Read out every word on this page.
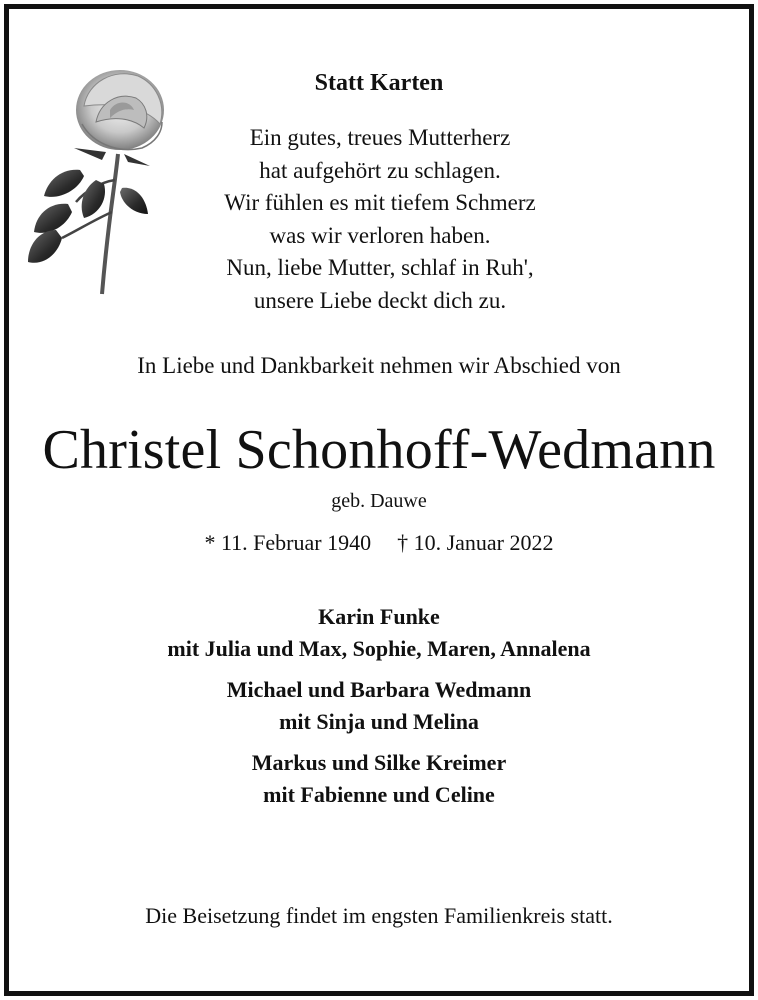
Statt Karten
Ein gutes, treues Mutterherz
hat aufgehört zu schlagen.
Wir fühlen es mit tiefem Schmerz
was wir verloren haben.
Nun, liebe Mutter, schlaf in Ruh',
unsere Liebe deckt dich zu.
In Liebe und Dankbarkeit nehmen wir Abschied von
Christel Schonhoff-Wedmann
geb. Dauwe
* 11. Februar 1940 † 10. Januar 2022
Karin Funke
mit Julia und Max, Sophie, Maren, Annalena
Michael und Barbara Wedmann
mit Sinja und Melina
Markus und Silke Kreimer
mit Fabienne und Celine
Die Beisetzung findet im engsten Familienkreis statt.
